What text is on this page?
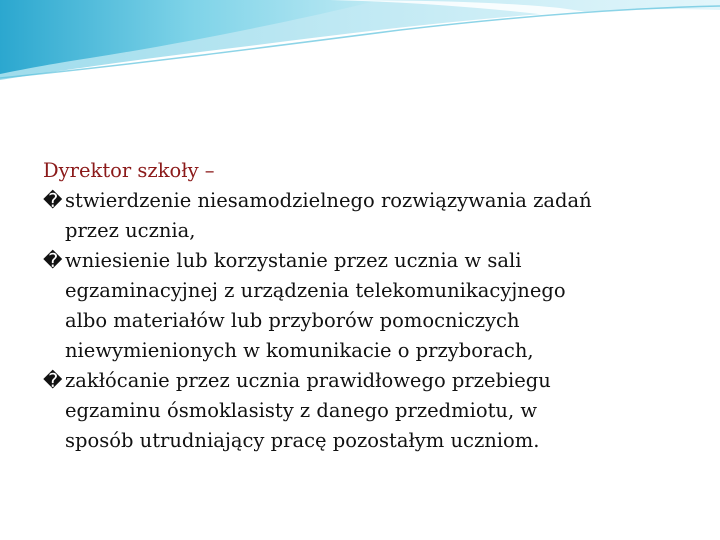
Dyrektor szkoły –

� stwierdzenie niesamodzielnego rozwiązywania zadań
przez ucznia,
� wniesienie lub korzystanie przez ucznia w sali
egzaminacyjnej z urządzenia telekomunikacyjnego
albo materiałów lub przyborów pomocniczych
niewymienionych w komunikacie o przyborach,
� zakłócanie przez ucznia prawidłowego przebiegu
egzaminu ósmoklasisty z danego przedmiotu, w
sposób utrudniający pracę pozostałym uczniom.
